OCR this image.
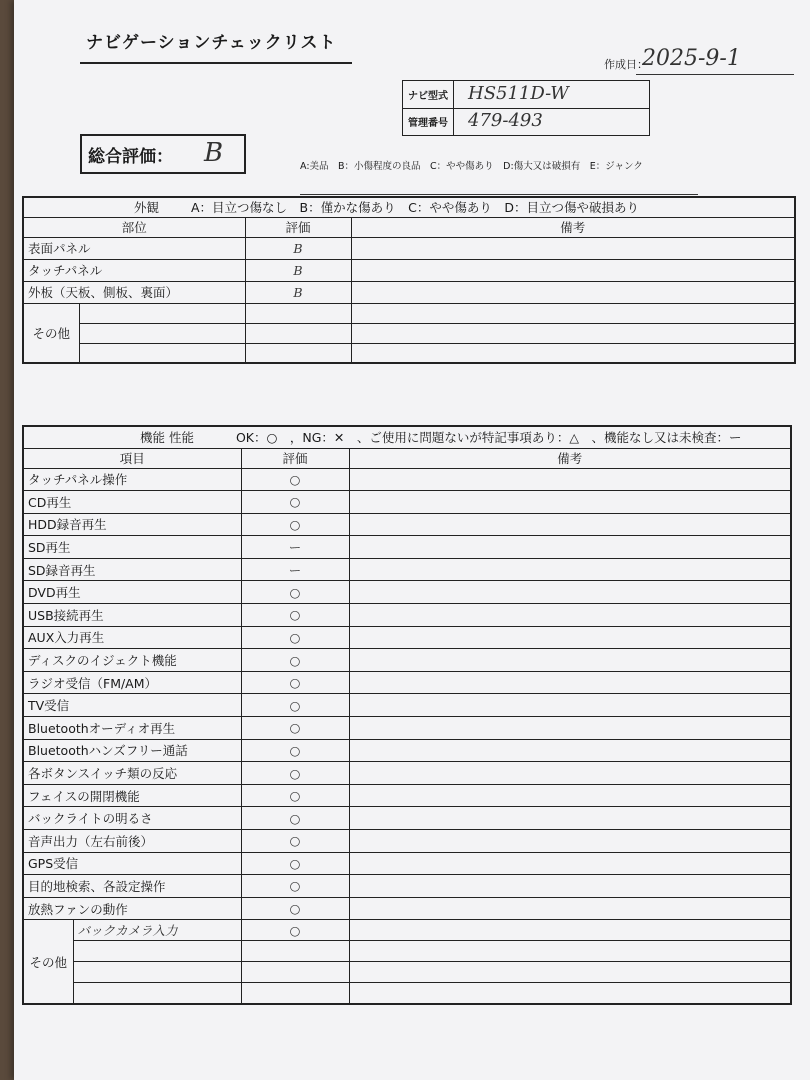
ナビゲーションチェックリスト
作成日：
2025-9-1
ナビ型式	HS511D-W
管理番号	479-493
総合評価： B	A:美品　B：小傷程度の良品　C：やや傷あり　D:傷大又は破損有　E：ジャンク
外観 A：目立つ傷なし　B：僅かな傷あり　C：やや傷あり　D：目立つ傷や破損あり			
部位		評価	備考
表面パネル		B	
タッチパネル		B	
外板（天板、側板、裏面）		B	
その他			

機能 性能 OK：○　，NG：✕　、ご使用に問題ないが特記事項あり：△　、機能なし又は未検査：ー			
項目		評価	備考
タッチパネル操作		○	
CD再生		○	
HDD録音再生		○	
SD再生		ー	
SD録音再生		ー	
DVD再生		○	
USB接続再生		○	
AUX入力再生		○	
ディスクのイジェクト機能		○	
ラジオ受信（FM/AM）		○	
TV受信		○	
Bluetoothオーディオ再生		○	
Bluetoothハンズフリー通話		○	
各ボタンスイッチ類の反応		○	
フェイスの開閉機能		○	
バックライトの明るさ		○	
音声出力（左右前後）		○	
GPS受信		○	
目的地検索、各設定操作		○	
放熱ファンの動作		○	
その他	バックカメラ入力	○	
